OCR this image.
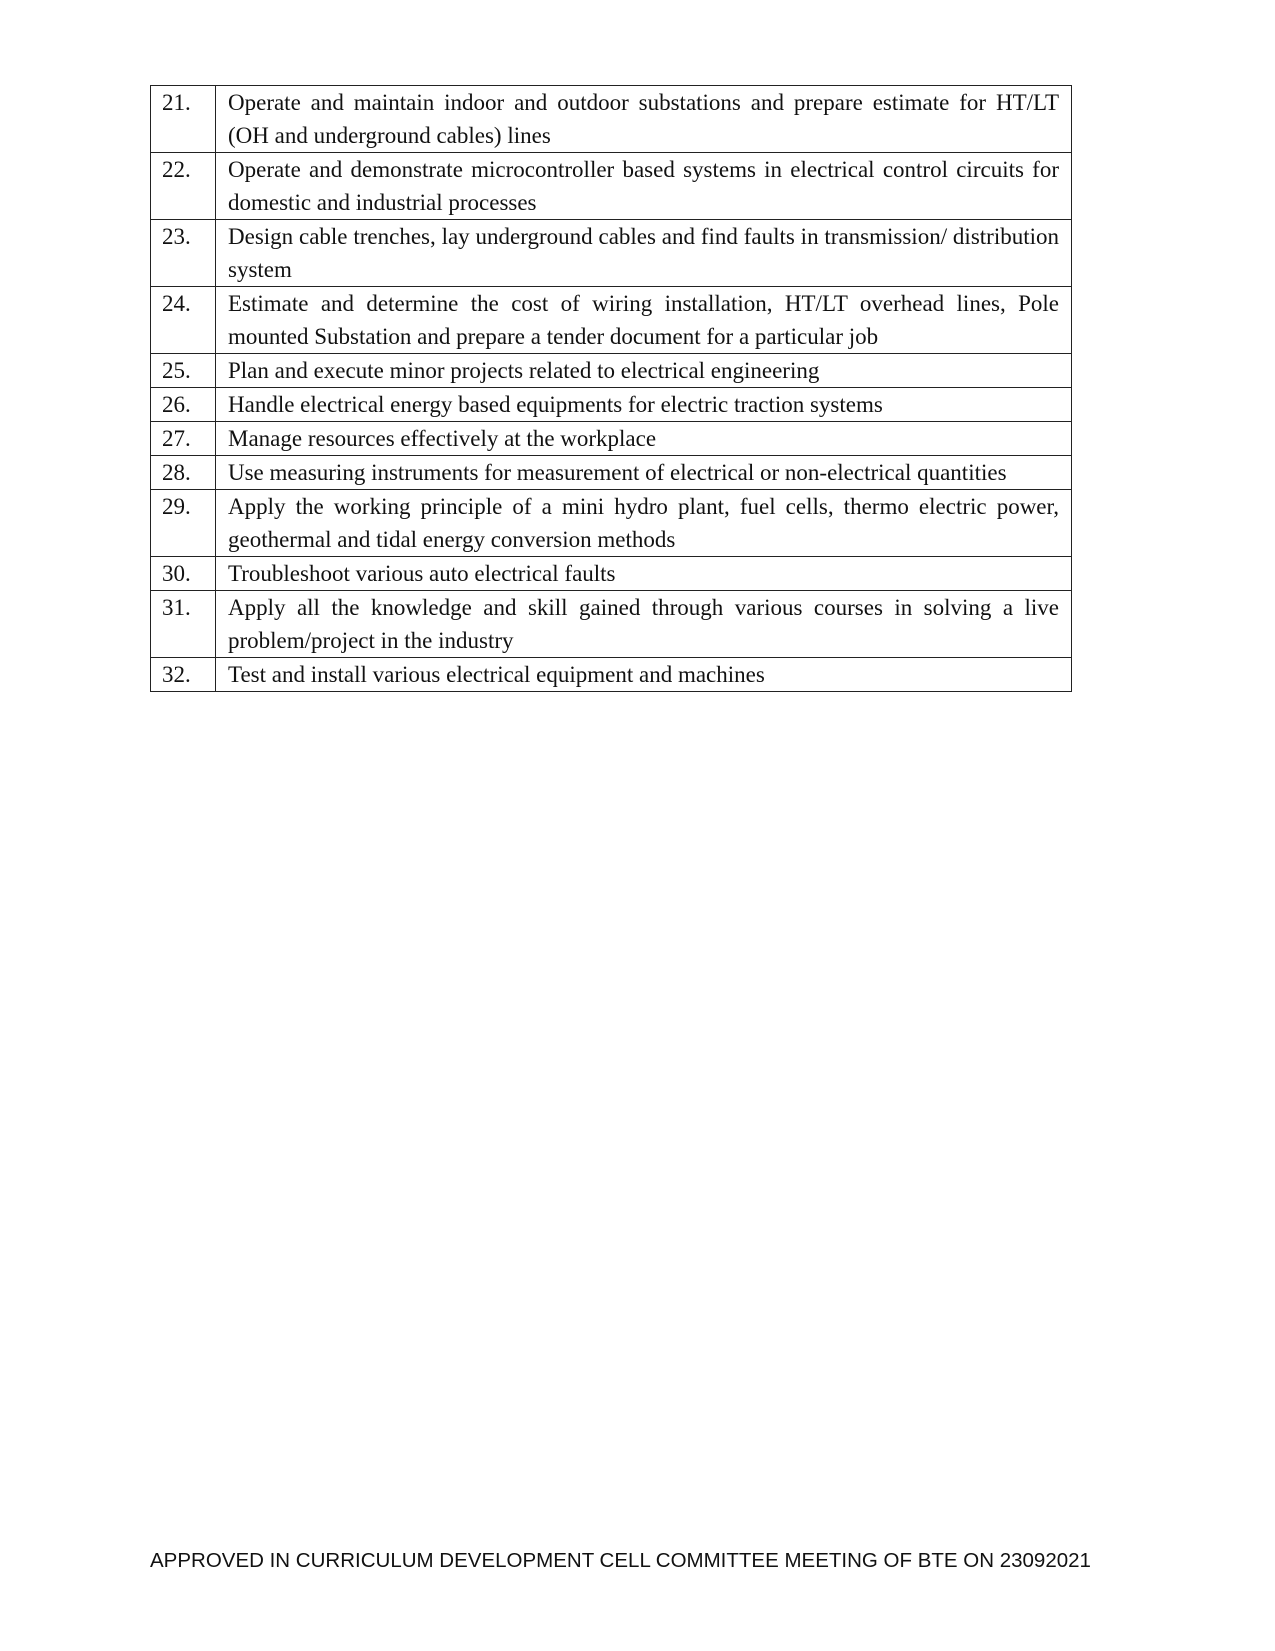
21.	Operate and maintain indoor and outdoor substations and prepare estimate for HT/LT (OH and underground cables) lines
22.	Operate and demonstrate microcontroller based systems in electrical control circuits for domestic and industrial processes
23.	Design cable trenches, lay underground cables and find faults in transmission/ distribution system
24.	Estimate and determine the cost of wiring installation, HT/LT overhead lines, Pole mounted Substation and prepare a tender document for a particular job
25.	Plan and execute minor projects related to electrical engineering
26.	Handle electrical energy based equipments for electric traction systems
27.	Manage resources effectively at the workplace
28.	Use measuring instruments for measurement of electrical or non-electrical quantities
29.	Apply the working principle of a mini hydro plant, fuel cells, thermo electric power, geothermal and tidal energy conversion methods
30.	Troubleshoot various auto electrical faults
31.	Apply all the knowledge and skill gained through various courses in solving a live problem/project in the industry
32.	Test and install various electrical equipment and machines
APPROVED IN CURRICULUM DEVELOPMENT CELL COMMITTEE MEETING OF BTE ON 23092021
